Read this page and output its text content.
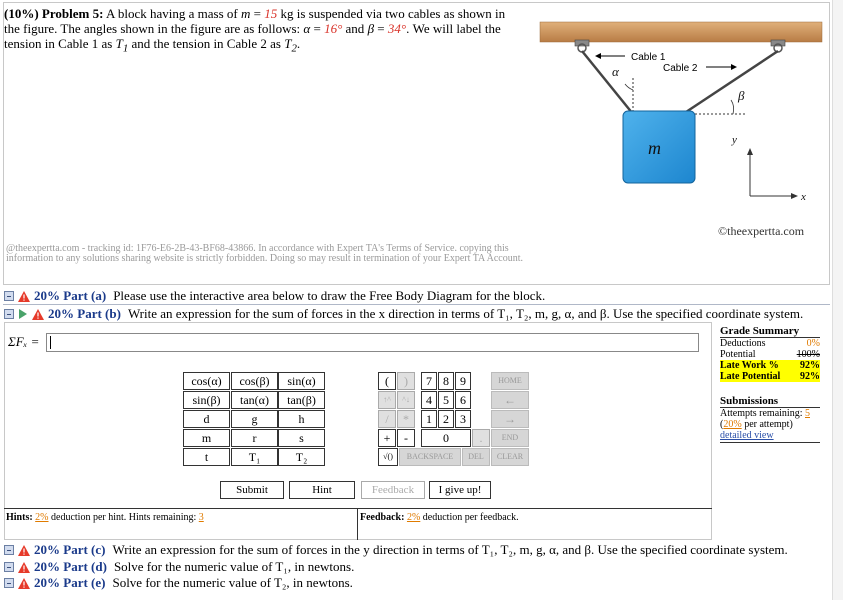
(10%) Problem 5: A block having a mass of m = 15 kg is suspended via two cables as shown in the figure. The angles shown in the figure are as follows: α = 16° and β = 34°. We will label the tension in Cable 1 as $T_1$ and the tension in Cable 2 as $T_2$.
m
α
β
Cable 1
Cable 2
y
x
©theexpertta.com
@theexpertta.com - tracking id: 1F76-E6-2B-43-BF68-43866. In accordance with Expert TA's Terms of Service. copying this information to any solutions sharing website is strictly forbidden. Doing so may result in termination of your Expert TA Account.
20% Part (a) Please use the interactive area below to draw the Free Body Diagram for the block.
20% Part (b) Write an expression for the sum of forces in the x direction in terms of T₁, T₂, m, g, α, and β. Use the specified coordinate system.
ΣFₓ =
cos(α)	cos(β)	sin(α)
sin(β)	tan(α)	tan(β)
d	g	h
m	r	s
t	T₁	T₂
(	)	7 8 9	HOME
↑^	^↓	4 5 6	←
/	*	1 2 3	→
+	-	0	.	END
√()	BACKSPACE	DEL	CLEAR
Submit	Hint	Feedback	I give up!
Hints: 2% deduction per hint. Hints remaining: 3	Feedback: 2% deduction per feedback.
Grade Summary
Deductions	0%
Potential	100%
Late Work % 92%
Late Potential 92%
Submissions
Attempts remaining: 5
(20% per attempt)
detailed view
20% Part (c) Write an expression for the sum of forces in the y direction in terms of T₁, T₂, m, g, α, and β. Use the specified coordinate system.
20% Part (d) Solve for the numeric value of T₁, in newtons.
20% Part (e) Solve for the numeric value of T₂, in newtons.
